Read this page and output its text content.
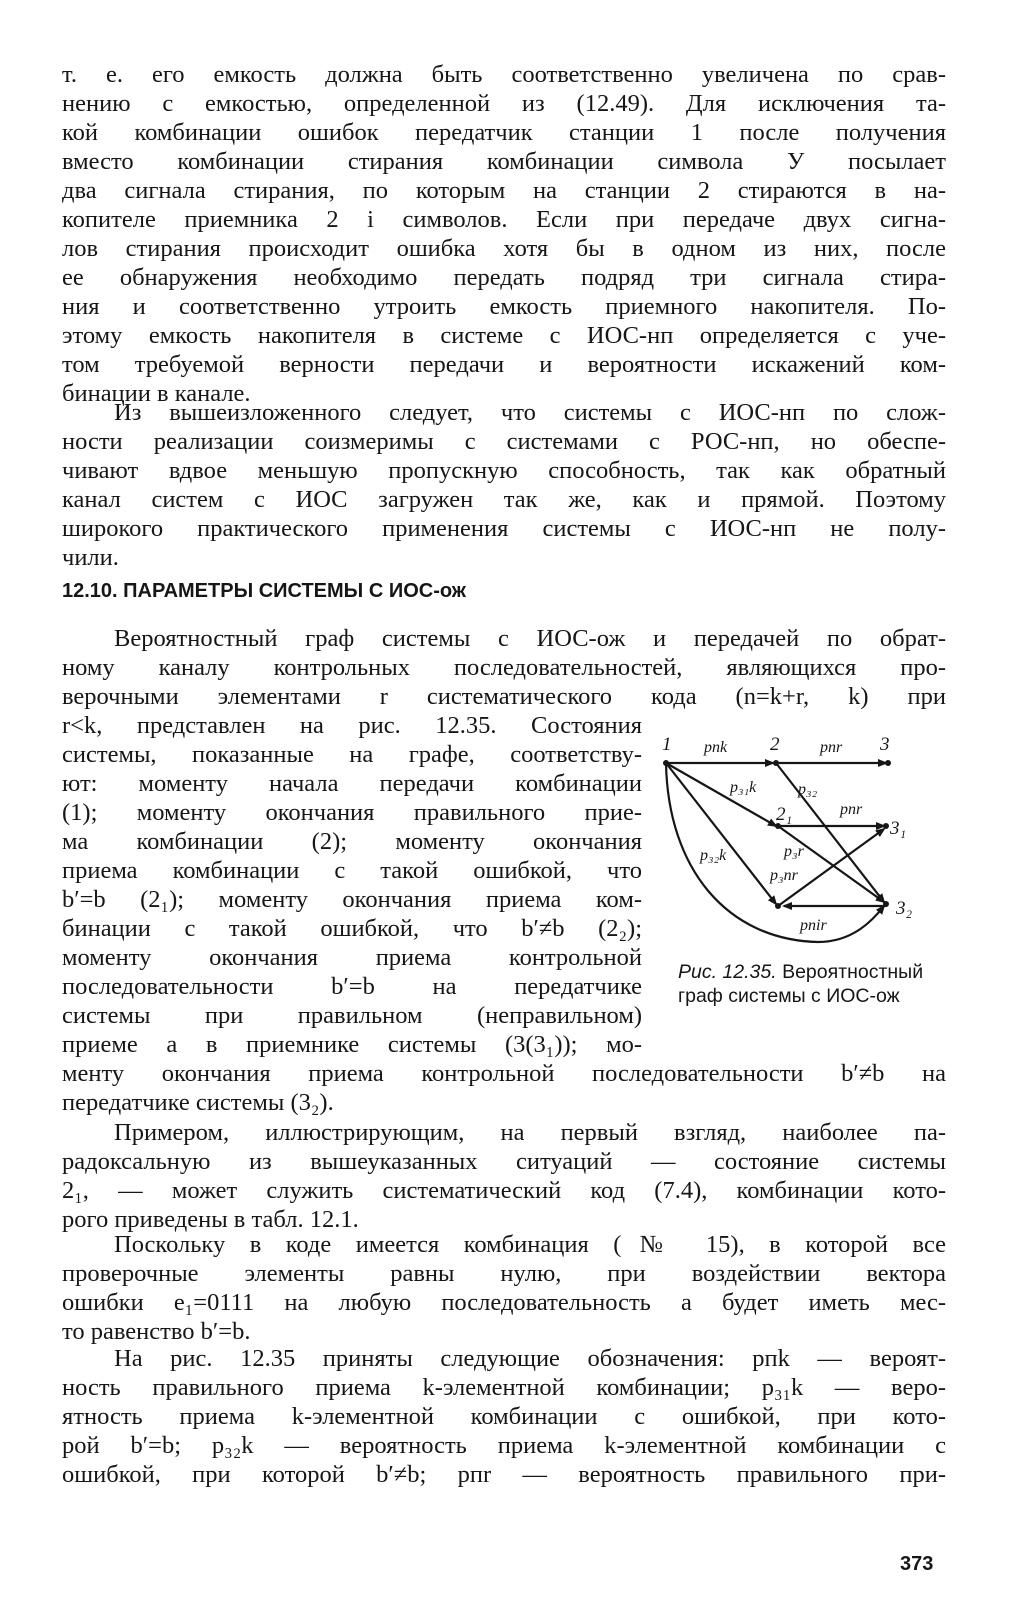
т. е. его емкость должна быть соответственно увеличена по срав-
нению с емкостью, определенной из (12.49). Для исключения та-
кой комбинации ошибок передатчик станции 1 после получения
вместо комбинации стирания комбинации символа У посылает
два сигнала стирания, по которым на станции 2 стираются в на-
копителе приемника 2 i символов. Если при передаче двух сигна-
лов стирания происходит ошибка хотя бы в одном из них, после
ее обнаружения необходимо передать подряд три сигнала стира-
ния и соответственно утроить емкость приемного накопителя. По-
этому емкость накопителя в системе с ИОС-нп определяется с уче-
том требуемой верности передачи и вероятности искажений ком-
бинации в канале.
Из вышеизложенного следует, что системы с ИОС-нп по слож-
ности реализации соизмеримы с системами с РОС-нп, но обеспе-
чивают вдвое меньшую пропускную способность, так как обратный
канал систем с ИОС загружен так же, как и прямой. Поэтому
широкого практического применения системы с ИОС-нп не полу-
чили.
12.10. ПАРАМЕТРЫ СИСТЕМЫ С ИОС-ож
Вероятностный граф системы с ИОС-ож и передачей по обрат-
ному каналу контрольных последовательностей, являющихся про-
верочными элементами r систематического кода (n=k+r, k) при
r<k, представлен на рис. 12.35. Состояния
системы, показанные на графе, соответству-
ют: моменту начала передачи комбинации
(1); моменту окончания правильного прие-
ма комбинации (2); моменту окончания
приема комбинации с такой ошибкой, что
b′=b (2₁); моменту окончания приема ком-
бинации с такой ошибкой, что b′≠b (2₂);
моменту окончания приема контрольной
последовательности b′=b на передатчике
системы при правильном (неправильном)
приеме a в приемнике системы (3(3₁)); мо-
1	2	3
2₁
3₁
3₂
pпk	pпr
p₃₁k	p₃₂
pпr
p₃₂k	p₃r
p₃пr
pпir
Рис. 12.35. Вероятностный граф системы с ИОС-ож
менту окончания приема контрольной последовательности b′≠b на
передатчике системы (3₂).
Примером, иллюстрирующим, на первый взгляд, наиболее па-
радоксальную из вышеуказанных ситуаций — состояние системы
2₁, — может служить систематический код (7.4), комбинации кото-
рого приведены в табл. 12.1.
Поскольку в коде имеется комбинация (№ 15), в которой все
проверочные элементы равны нулю, при воздействии вектора
ошибки e₁=0111 на любую последовательность a будет иметь мес-
то равенство b′=b.
На рис. 12.35 приняты следующие обозначения: pпk — вероят-
ность правильного приема k-элементной комбинации; p₃₁k — веро-
ятность приема k-элементной комбинации с ошибкой, при кото-
рой b′=b; p₃₂k — вероятность приема k-элементной комбинации с
ошибкой, при которой b′≠b; pпr — вероятность правильного при-
373
